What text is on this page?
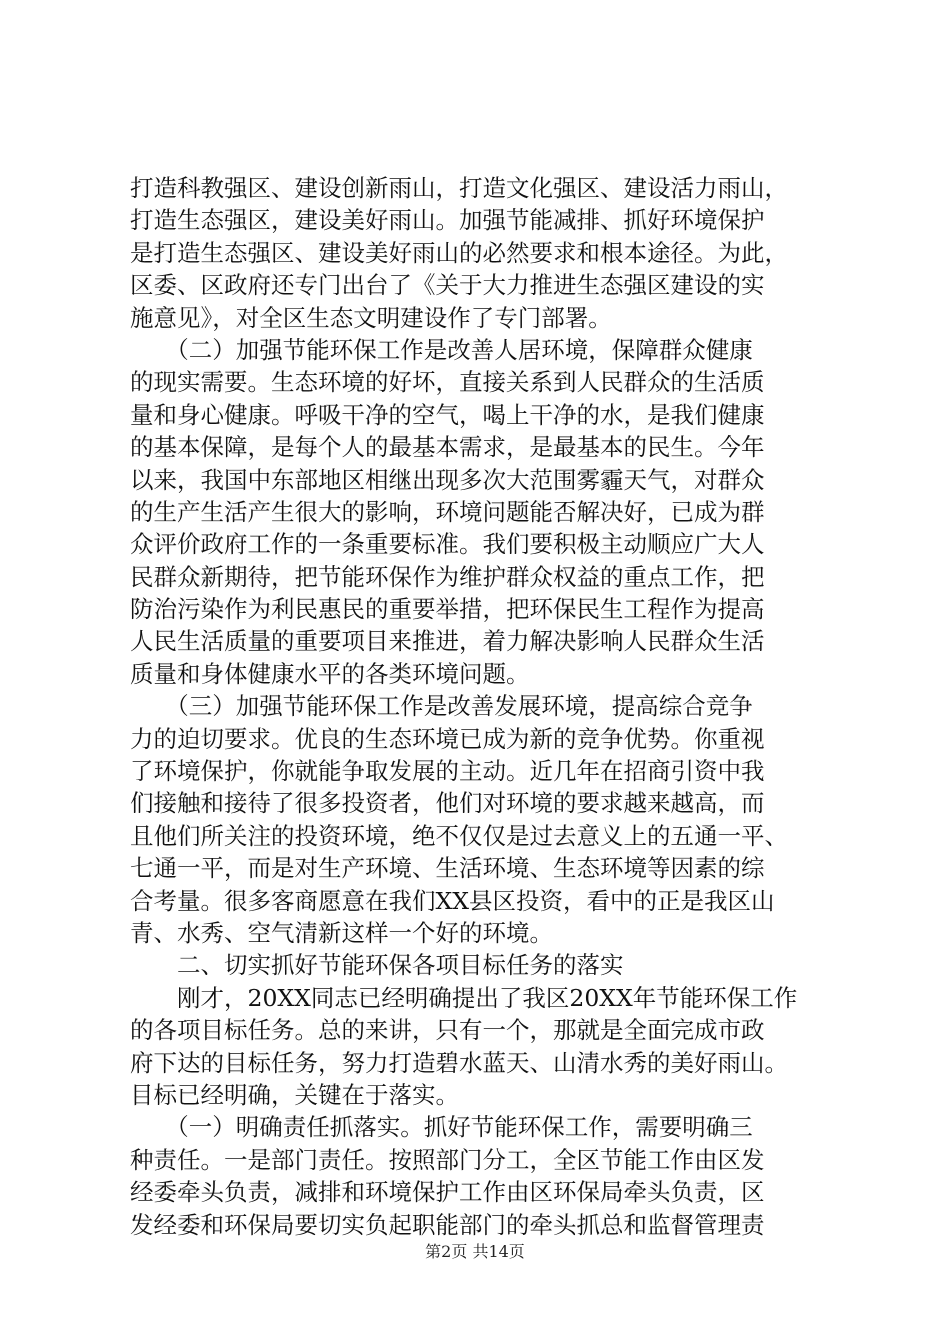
打造科教强区、建设创新雨山，打造文化强区、建设活力雨山，
打造生态强区，建设美好雨山。加强节能减排、抓好环境保护
是打造生态强区、建设美好雨山的必然要求和根本途径。为此，
区委、区政府还专门出台了《关于大力推进生态强区建设的实
施意见》，对全区生态文明建设作了专门部署。
　　（二）加强节能环保工作是改善人居环境，保障群众健康
的现实需要。生态环境的好坏，直接关系到人民群众的生活质
量和身心健康。呼吸干净的空气，喝上干净的水，是我们健康
的基本保障，是每个人的最基本需求，是最基本的民生。今年
以来，我国中东部地区相继出现多次大范围雾霾天气，对群众
的生产生活产生很大的影响，环境问题能否解决好，已成为群
众评价政府工作的一条重要标准。我们要积极主动顺应广大人
民群众新期待，把节能环保作为维护群众权益的重点工作，把
防治污染作为利民惠民的重要举措，把环保民生工程作为提高
人民生活质量的重要项目来推进，着力解决影响人民群众生活
质量和身体健康水平的各类环境问题。
　　（三）加强节能环保工作是改善发展环境，提高综合竞争
力的迫切要求。优良的生态环境已成为新的竞争优势。你重视
了环境保护，你就能争取发展的主动。近几年在招商引资中我
们接触和接待了很多投资者，他们对环境的要求越来越高，而
且他们所关注的投资环境，绝不仅仅是过去意义上的五通一平、
七通一平，而是对生产环境、生活环境、生态环境等因素的综
合考量。很多客商愿意在我们XX县区投资，看中的正是我区山
青、水秀、空气清新这样一个好的环境。
　　二、切实抓好节能环保各项目标任务的落实
　　刚才，20XX同志已经明确提出了我区20XX年节能环保工作
的各项目标任务。总的来讲，只有一个，那就是全面完成市政
府下达的目标任务，努力打造碧水蓝天、山清水秀的美好雨山。
目标已经明确，关键在于落实。
　　（一）明确责任抓落实。抓好节能环保工作，需要明确三
种责任。一是部门责任。按照部门分工，全区节能工作由区发
经委牵头负责，减排和环境保护工作由区环保局牵头负责，区
发经委和环保局要切实负起职能部门的牵头抓总和监督管理责
第2页 共14页
